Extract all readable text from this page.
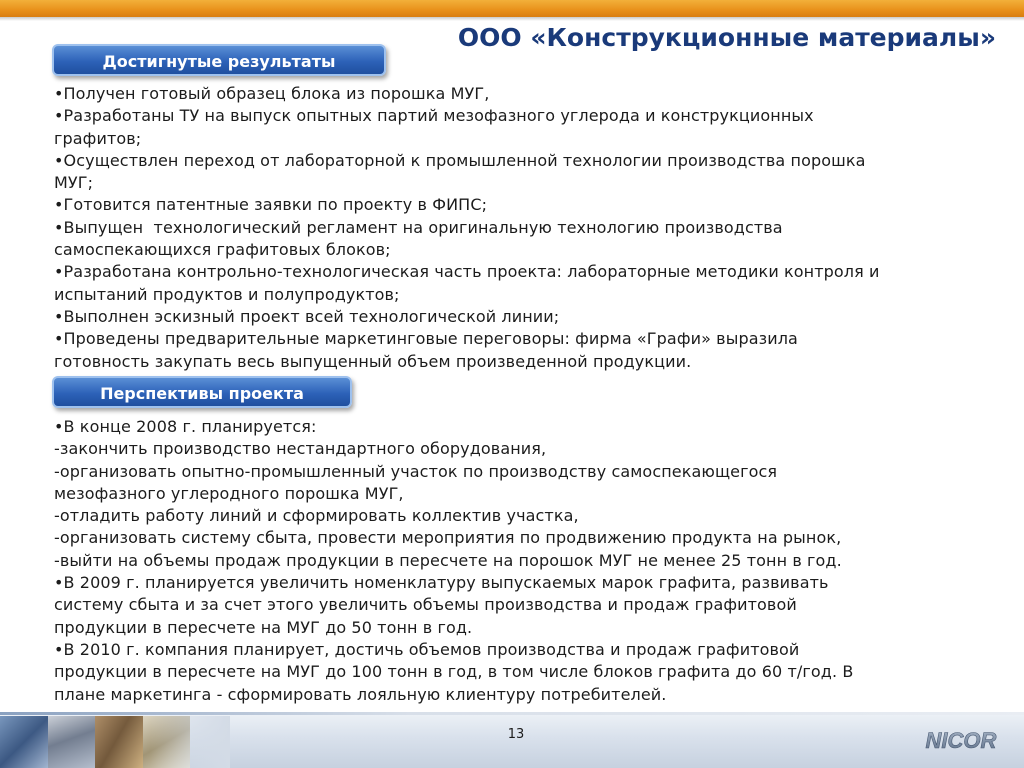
ООО «Конструкционные материалы»
Достигнутые результаты
•Получен готовый образец блока из порошка МУГ,
•Разработаны ТУ на выпуск опытных партий мезофазного углерода и конструкционных
графитов;
•Осуществлен переход от лабораторной к промышленной технологии производства порошка
МУГ;
•Готовится патентные заявки по проекту в ФИПС;
•Выпущен  технологический регламент на оригинальную технологию производства
самоспекающихся графитовых блоков;
•Разработана контрольно-технологическая часть проекта: лабораторные методики контроля и
испытаний продуктов и полупродуктов;
•Выполнен эскизный проект всей технологической линии;
•Проведены предварительные маркетинговые переговоры: фирма «Графи» выразила
готовность закупать весь выпущенный объем произведенной продукции.
Перспективы проекта
•В конце 2008 г. планируется:
-закончить производство нестандартного оборудования,
-организовать опытно-промышленный участок по производству самоспекающегося
мезофазного углеродного порошка МУГ,
-отладить работу линий и сформировать коллектив участка,
-организовать систему сбыта, провести мероприятия по продвижению продукта на рынок,
-выйти на объемы продаж продукции в пересчете на порошок МУГ не менее 25 тонн в год.
•В 2009 г. планируется увеличить номенклатуру выпускаемых марок графита, развивать
систему сбыта и за счет этого увеличить объемы производства и продаж графитовой
продукции в пересчете на МУГ до 50 тонн в год.
•В 2010 г. компания планирует, достичь объемов производства и продаж графитовой
продукции в пересчете на МУГ до 100 тонн в год, в том числе блоков графита до 60 т/год. В
плане маркетинга - сформировать лояльную клиентуру потребителей.
13	NICOR
